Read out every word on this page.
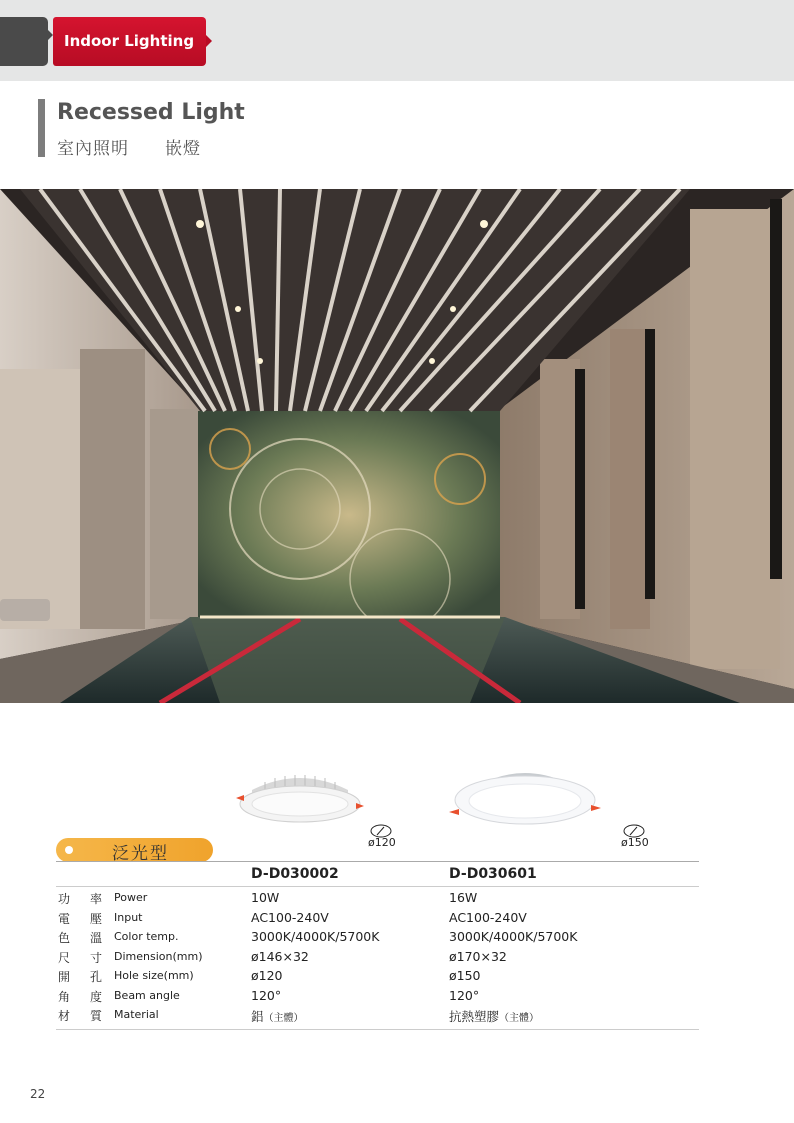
Indoor Lighting
Recessed Light
室內照明 嵌燈
ø120	ø150
泛光型
D-D030002	D-D030601
功 率 Power	10W	16W
電 壓 Input	AC100-240V	AC100-240V
色 溫 Color temp.	3000K/4000K/5700K	3000K/4000K/5700K
尺 寸 Dimension(mm)	ø146×32	ø170×32
開 孔 Hole size(mm)	ø120	ø150
角 度 Beam angle	120°	120°
材 質 Material	鋁（主體）	抗熱塑膠（主體）
22
